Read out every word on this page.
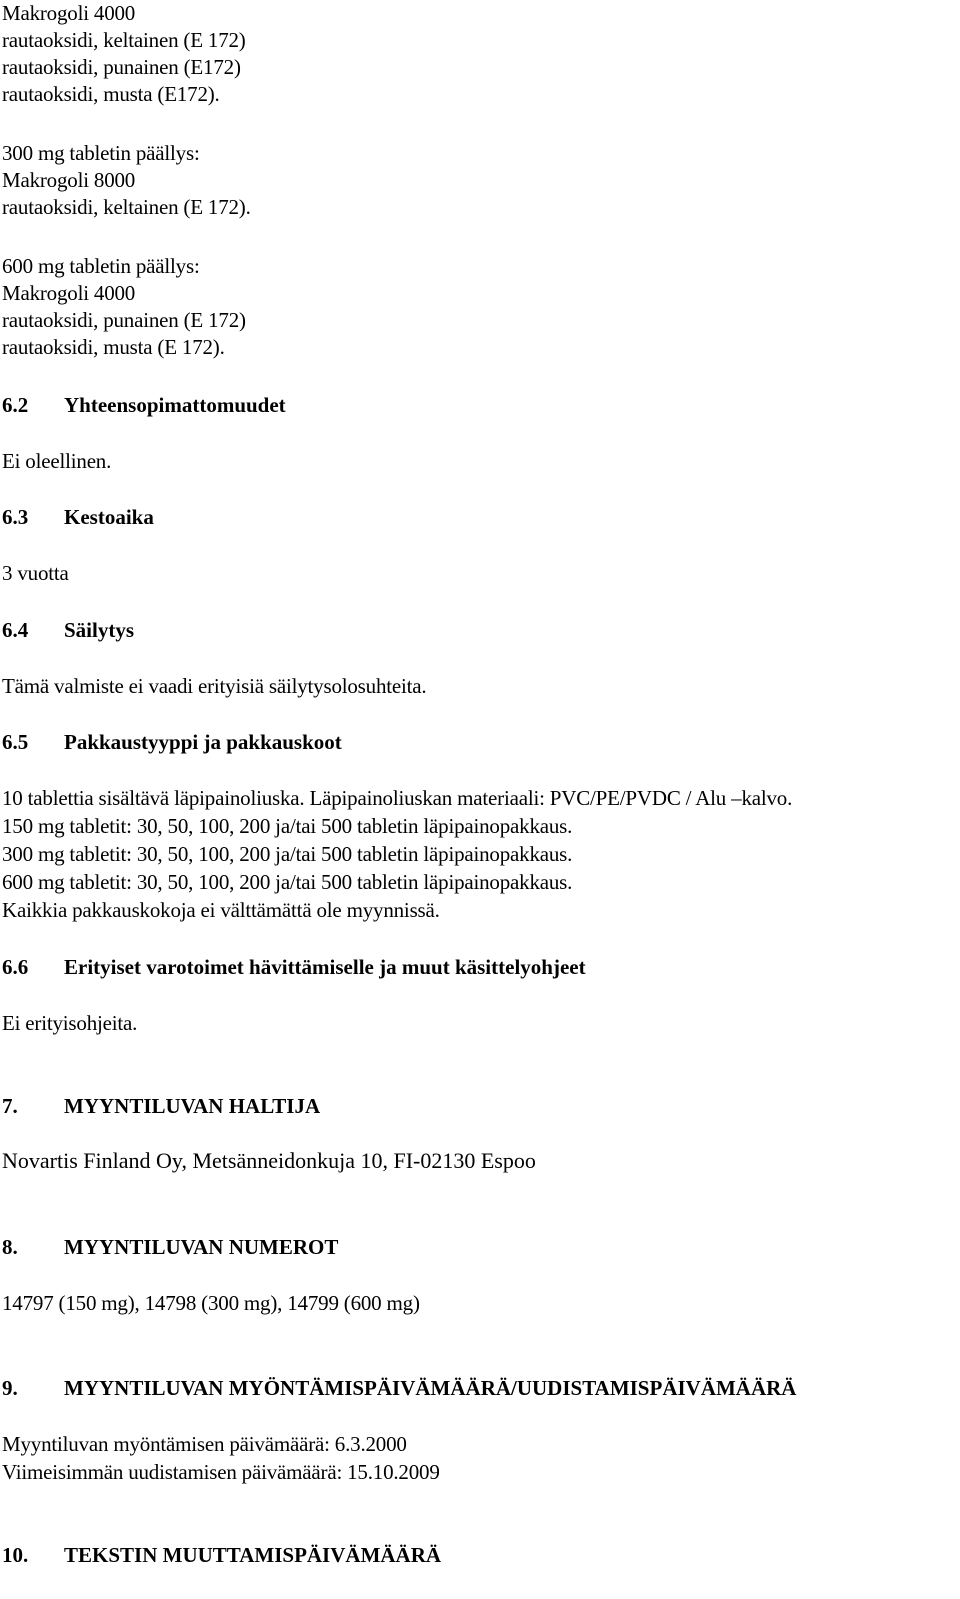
Makrogoli 4000
rautaoksidi, keltainen (E 172)
rautaoksidi, punainen (E172)
rautaoksidi, musta (E172).
300 mg tabletin päällys:
Makrogoli 8000
rautaoksidi, keltainen (E 172).
600 mg tabletin päällys:
Makrogoli 4000
rautaoksidi, punainen (E 172)
rautaoksidi, musta (E 172).
6.2 Yhteensopimattomuudet
Ei oleellinen.
6.3 Kestoaika
3 vuotta
6.4 Säilytys
Tämä valmiste ei vaadi erityisiä säilytysolosuhteita.
6.5 Pakkaustyyppi ja pakkauskoot
10 tablettia sisältävä läpipainoliuska. Läpipainoliuskan materiaali: PVC/PE/PVDC / Alu –kalvo.
150 mg tabletit: 30, 50, 100, 200 ja/tai 500 tabletin läpipainopakkaus.
300 mg tabletit: 30, 50, 100, 200 ja/tai 500 tabletin läpipainopakkaus.
600 mg tabletit: 30, 50, 100, 200 ja/tai 500 tabletin läpipainopakkaus.
Kaikkia pakkauskokoja ei välttämättä ole myynnissä.
6.6 Erityiset varotoimet hävittämiselle ja muut käsittelyohjeet
Ei erityisohjeita.
7. MYYNTILUVAN HALTIJA
Novartis Finland Oy, Metsänneidonkuja 10, FI-02130 Espoo
8. MYYNTILUVAN NUMEROT
14797 (150 mg), 14798 (300 mg), 14799 (600 mg)
9. MYYNTILUVAN MYÖNTÄMISPÄIVÄMÄÄRÄ/UUDISTAMISPÄIVÄMÄÄRÄ
Myyntiluvan myöntämisen päivämäärä: 6.3.2000
Viimeisimmän uudistamisen päivämäärä: 15.10.2009
10. TEKSTIN MUUTTAMISPÄIVÄMÄÄRÄ
